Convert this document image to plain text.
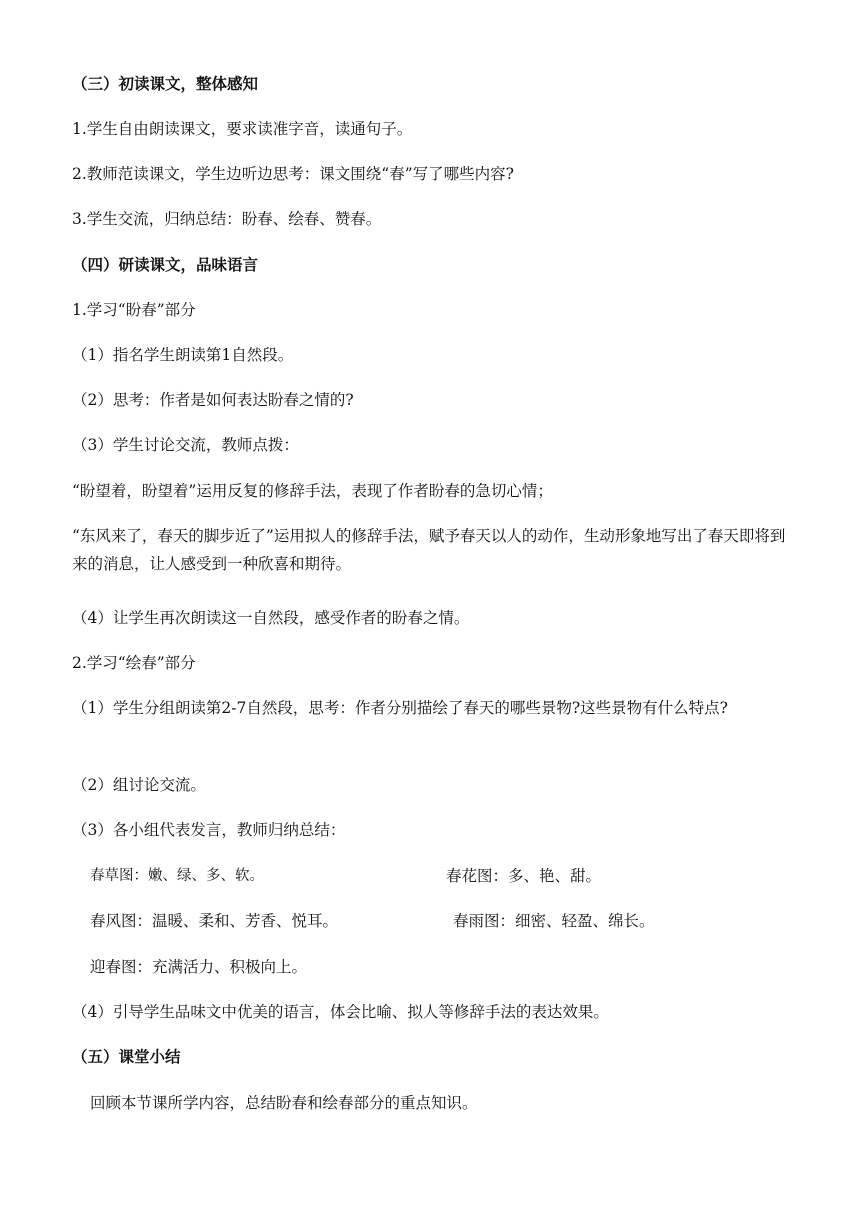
（三）初读课文，整体感知
1.学生自由朗读课文，要求读准字音，读通句子。
2.教师范读课文，学生边听边思考：课文围绕“春”写了哪些内容?
3.学生交流，归纳总结：盼春、绘春、赞春。
（四）研读课文，品味语言
1.学习“盼春”部分
（1）指名学生朗读第1自然段。
（2）思考：作者是如何表达盼春之情的?
（3）学生讨论交流，教师点拨：
“盼望着，盼望着”运用反复的修辞手法，表现了作者盼春的急切心情；
“东风来了，春天的脚步近了”运用拟人的修辞手法，赋予春天以人的动作，生动形象地写出了春天即将到来的消息，让人感受到一种欣喜和期待。
（4）让学生再次朗读这一自然段，感受作者的盼春之情。
2.学习“绘春”部分
（1）学生分组朗读第2-7自然段，思考：作者分别描绘了春天的哪些景物?这些景物有什么特点?
（2）组讨论交流。
（3）各小组代表发言，教师归纳总结：
春草图：嫩、绿、多、软。	春花图：多、艳、甜。
春风图：温暖、柔和、芳香、悦耳。	春雨图：细密、轻盈、绵长。
迎春图：充满活力、积极向上。
（4）引导学生品味文中优美的语言，体会比喻、拟人等修辞手法的表达效果。
（五）课堂小结
回顾本节课所学内容，总结盼春和绘春部分的重点知识。
